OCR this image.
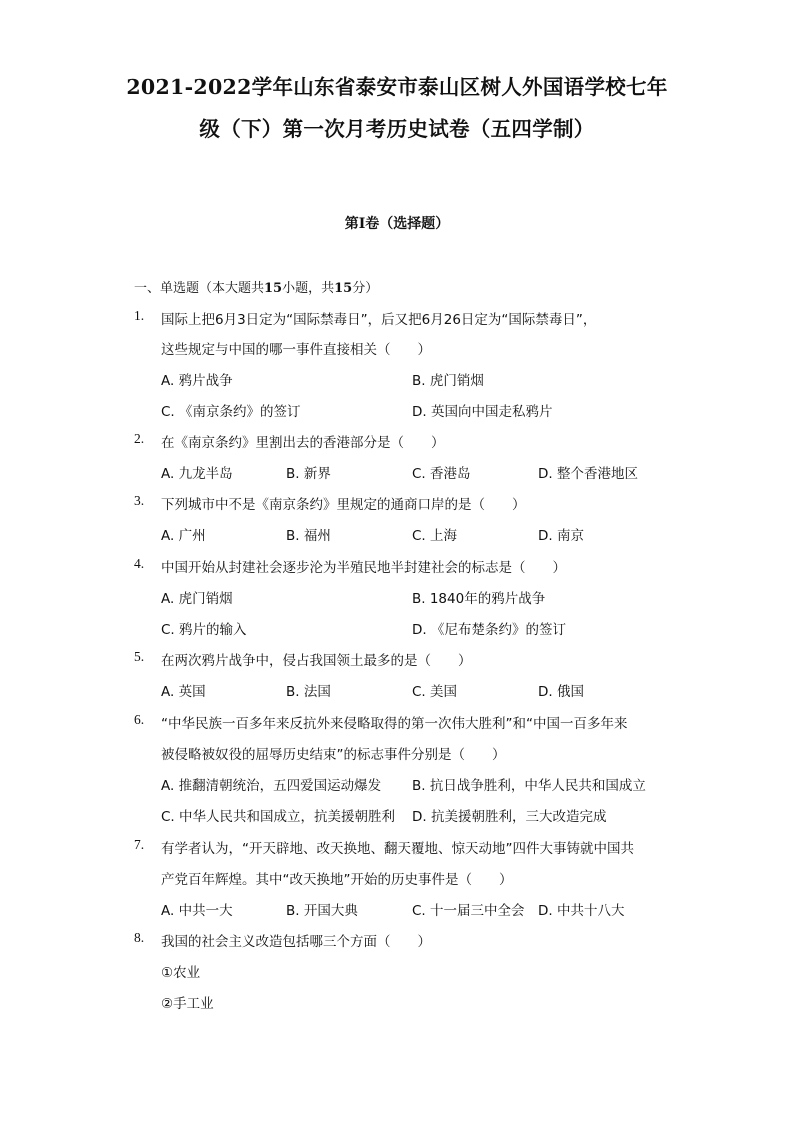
2021-2022学年山东省泰安市泰山区树人外国语学校七年
级（下）第一次月考历史试卷（五四学制）
第I卷（选择题）
一、单选题（本大题共15小题，共15分）
1. 国际上把6月3日定为“国际禁毒日”，后又把6月26日定为“国际禁毒日”，
这些规定与中国的哪一事件直接相关（　　）
A. 鸦片战争	B. 虎门销烟
C. 《南京条约》的签订	D. 英国向中国走私鸦片
2. 在《南京条约》里割出去的香港部分是（　　）
A. 九龙半岛	B. 新界	C. 香港岛	D. 整个香港地区
3. 下列城市中不是《南京条约》里规定的通商口岸的是（　　）
A. 广州	B. 福州	C. 上海	D. 南京
4. 中国开始从封建社会逐步沦为半殖民地半封建社会的标志是（　　）
A. 虎门销烟	B. 1840年的鸦片战争
C. 鸦片的输入	D. 《尼布楚条约》的签订
5. 在两次鸦片战争中，侵占我国领土最多的是（　　）
A. 英国	B. 法国	C. 美国	D. 俄国
6. “中华民族一百多年来反抗外来侵略取得的第一次伟大胜利”和“中国一百多年来
被侵略被奴役的屈辱历史结束”的标志事件分别是（　　）
A. 推翻清朝统治，五四爱国运动爆发 B. 抗日战争胜利，中华人民共和国成立
C. 中华人民共和国成立，抗美援朝胜利 D. 抗美援朝胜利，三大改造完成
7. 有学者认为，“开天辟地、改天换地、翻天覆地、惊天动地”四件大事铸就中国共
产党百年辉煌。其中“改天换地”开始的历史事件是（　　）
A. 中共一大	B. 开国大典	C. 十一届三中全会 D. 中共十八大
8. 我国的社会主义改造包括哪三个方面（　　）
①农业
②手工业
